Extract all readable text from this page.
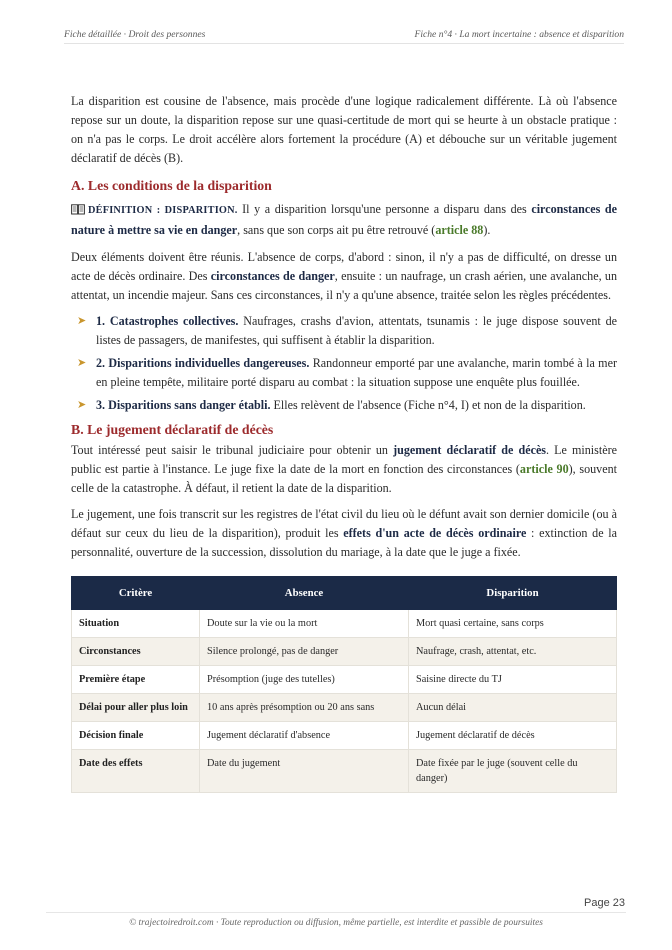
Fiche détaillée · Droit des personnes	Fiche n°4 · La mort incertaine : absence et disparition

La disparition est cousine de l'absence, mais procède d'une logique radicalement différente. Là où l'absence repose sur un doute, la disparition repose sur une quasi-certitude de mort qui se heurte à un obstacle pratique : on n'a pas le corps. Le droit accélère alors fortement la procédure (A) et débouche sur un véritable jugement déclaratif de décès (B).

A. Les conditions de la disparition

DÉFINITION : DISPARITION. Il y a disparition lorsqu'une personne a disparu dans des circonstances de nature à mettre sa vie en danger, sans que son corps ait pu être retrouvé (article 88).

Deux éléments doivent être réunis. L'absence de corps, d'abord : sinon, il n'y a pas de difficulté, on dresse un acte de décès ordinaire. Des circonstances de danger, ensuite : un naufrage, un crash aérien, une avalanche, un attentat, un incendie majeur. Sans ces circonstances, il n'y a qu'une absence, traitée selon les règles précédentes.

➤ 1. Catastrophes collectives. Naufrages, crashs d'avion, attentats, tsunamis : le juge dispose souvent de listes de passagers, de manifestes, qui suffisent à établir la disparition.
➤ 2. Disparitions individuelles dangereuses. Randonneur emporté par une avalanche, marin tombé à la mer en pleine tempête, militaire porté disparu au combat : la situation suppose une enquête plus fouillée.
➤ 3. Disparitions sans danger établi. Elles relèvent de l'absence (Fiche n°4, I) et non de la disparition.
B. Le jugement déclaratif de décès

Tout intéressé peut saisir le tribunal judiciaire pour obtenir un jugement déclaratif de décès. Le ministère public est partie à l'instance. Le juge fixe la date de la mort en fonction des circonstances (article 90), souvent celle de la catastrophe. À défaut, il retient la date de la disparition.

Le jugement, une fois transcrit sur les registres de l'état civil du lieu où le défunt avait son dernier domicile (ou à défaut sur ceux du lieu de la disparition), produit les effets d'un acte de décès ordinaire : extinction de la personnalité, ouverture de la succession, dissolution du mariage, à la date que le juge a fixée.

Critère	Absence	Disparition
Situation	Doute sur la vie ou la mort	Mort quasi certaine, sans corps
Circonstances	Silence prolongé, pas de danger	Naufrage, crash, attentat, etc.
Première étape	Présomption (juge des tutelles)	Saisine directe du TJ
Délai pour aller plus loin	10 ans après présomption ou 20 ans sans	Aucun délai
Décision finale	Jugement déclaratif d'absence	Jugement déclaratif de décès
Date des effets	Date du jugement	Date fixée par le juge (souvent celle du danger)
Page 23
© trajectoiredroit.com · Toute reproduction ou diffusion, même partielle, est interdite et passible de poursuites
